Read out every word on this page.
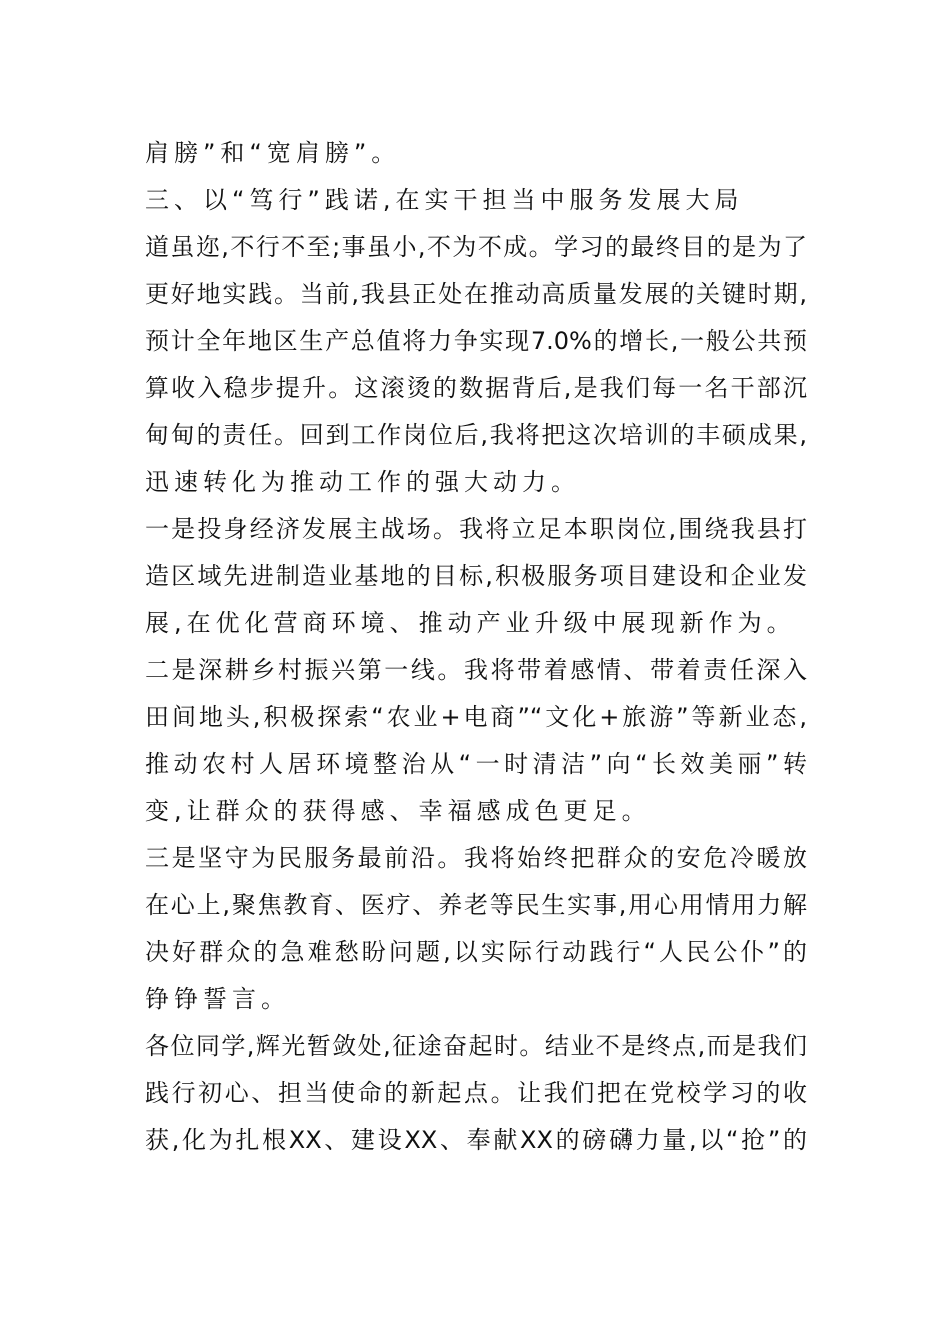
肩膀”和“宽肩膀”。
三、以“笃行”践诺,在实干担当中服务发展大局
道虽迩,不行不至;事虽小,不为不成。学习的最终目的是为了
更好地实践。当前,我县正处在推动高质量发展的关键时期,
预计全年地区生产总值将力争实现7.0%的增长,一般公共预
算收入稳步提升。这滚烫的数据背后,是我们每一名干部沉
甸甸的责任。回到工作岗位后,我将把这次培训的丰硕成果,
迅速转化为推动工作的强大动力。
一是投身经济发展主战场。我将立足本职岗位,围绕我县打
造区域先进制造业基地的目标,积极服务项目建设和企业发
展,在优化营商环境、推动产业升级中展现新作为。
二是深耕乡村振兴第一线。我将带着感情、带着责任深入
田间地头,积极探索“农业+电商”“文化+旅游”等新业态,
推动农村人居环境整治从“一时清洁”向“长效美丽”转
变,让群众的获得感、幸福感成色更足。
三是坚守为民服务最前沿。我将始终把群众的安危冷暖放
在心上,聚焦教育、医疗、养老等民生实事,用心用情用力解
决好群众的急难愁盼问题,以实际行动践行“人民公仆”的
铮铮誓言。
各位同学,辉光暂敛处,征途奋起时。结业不是终点,而是我们
践行初心、担当使命的新起点。让我们把在党校学习的收
获,化为扎根XX、建设XX、奉献XX的磅礴力量,以“抢”的
